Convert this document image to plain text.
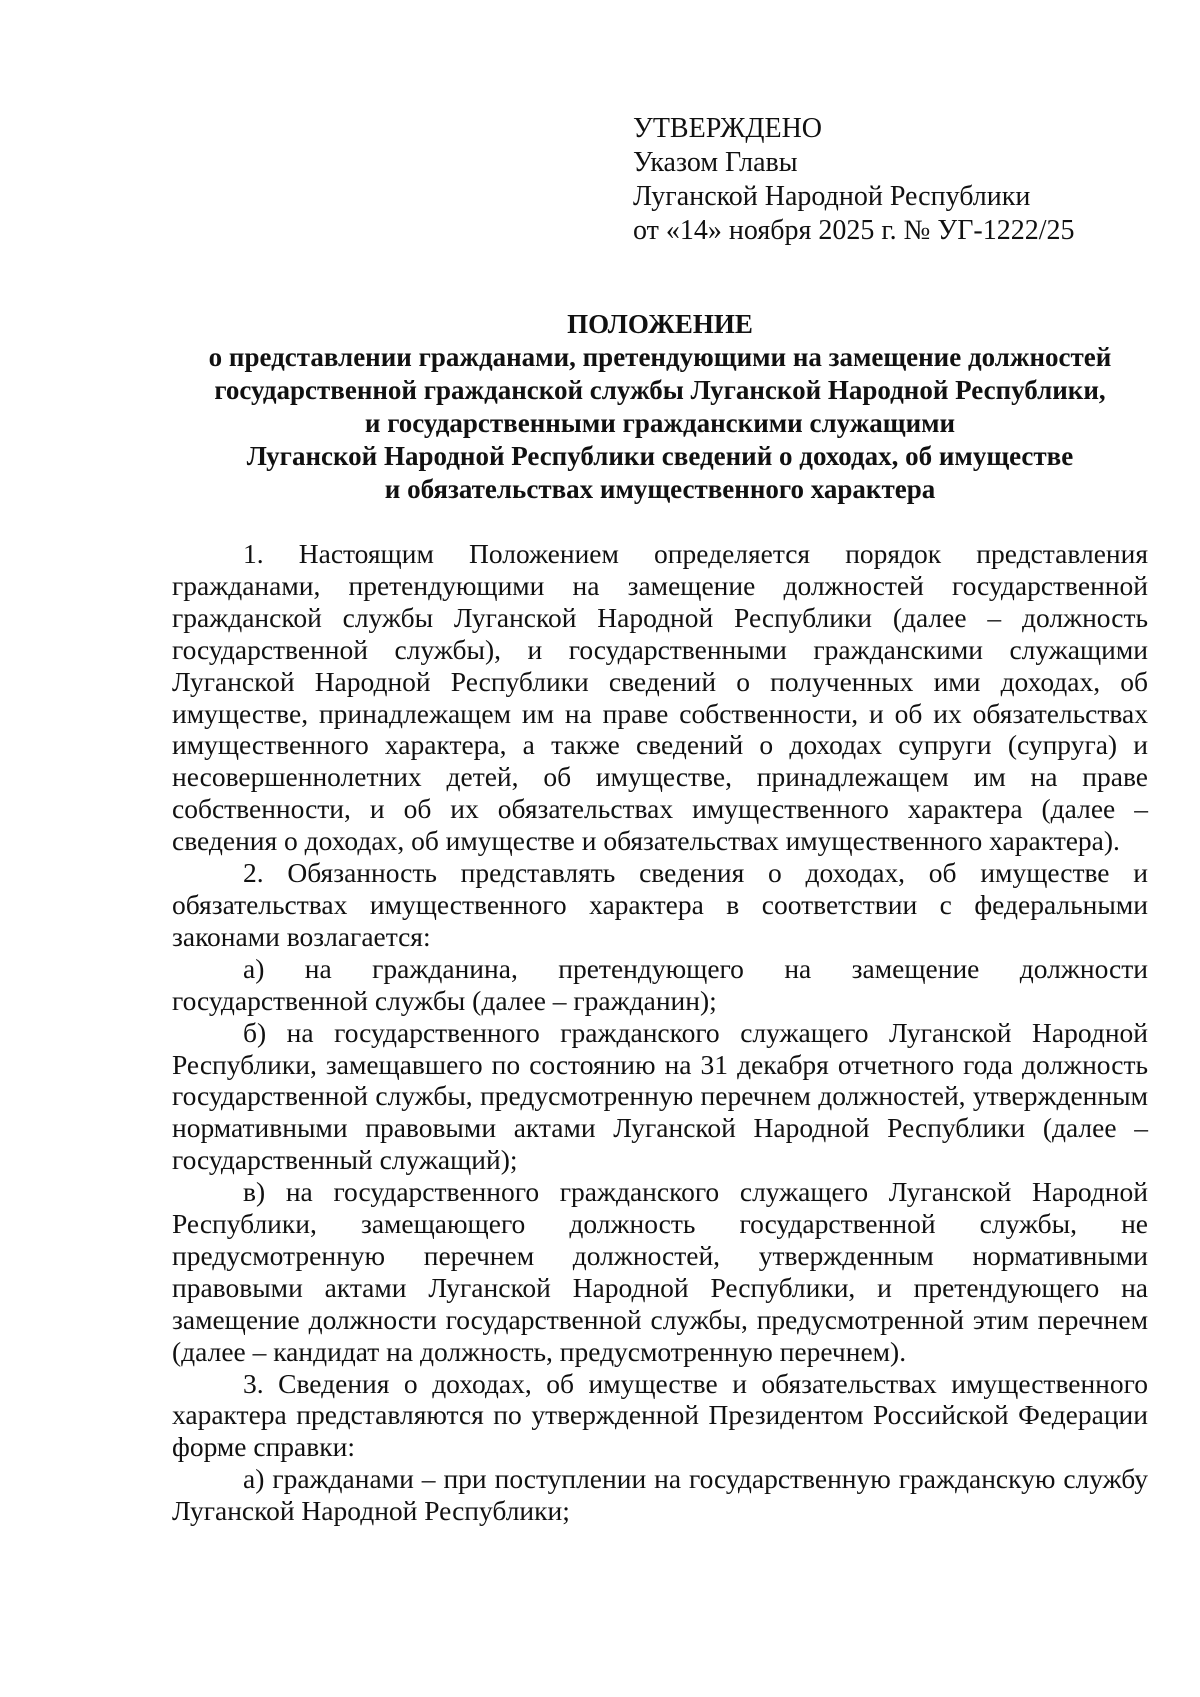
УТВЕРЖДЕНО
Указом Главы
Луганской Народной Республики
от «14» ноября 2025 г. № УГ-1222/25
ПОЛОЖЕНИЕ
о представлении гражданами, претендующими на замещение должностей
государственной гражданской службы Луганской Народной Республики,
и государственными гражданскими служащими
Луганской Народной Республики сведений о доходах, об имуществе
и обязательствах имущественного характера

1. Настоящим Положением определяется порядок представления гражданами, претендующими на замещение должностей государственной гражданской службы Луганской Народной Республики (далее – должность государственной службы), и государственными гражданскими служащими Луганской Народной Республики сведений о полученных ими доходах, об имуществе, принадлежащем им на праве собственности, и об их обязательствах имущественного характера, а также сведений о доходах супруги (супруга) и несовершеннолетних детей, об имуществе, принадлежащем им на праве собственности, и об их обязательствах имущественного характера (далее – сведения о доходах, об имуществе и обязательствах имущественного характера).

2. Обязанность представлять сведения о доходах, об имуществе и обязательствах имущественного характера в соответствии с федеральными законами возлагается:

а) на гражданина, претендующего на замещение должности государственной службы (далее – гражданин);

б) на государственного гражданского служащего Луганской Народной Республики, замещавшего по состоянию на 31 декабря отчетного года должность государственной службы, предусмотренную перечнем должностей, утвержденным нормативными правовыми актами Луганской Народной Республики (далее – государственный служащий);

в) на государственного гражданского служащего Луганской Народной Республики, замещающего должность государственной службы, не предусмотренную перечнем должностей, утвержденным нормативными правовыми актами Луганской Народной Республики, и претендующего на замещение должности государственной службы, предусмотренной этим перечнем (далее – кандидат на должность, предусмотренную перечнем).

3. Сведения о доходах, об имуществе и обязательствах имущественного характера представляются по утвержденной Президентом Российской Федерации форме справки:

а) гражданами – при поступлении на государственную гражданскую службу Луганской Народной Республики;
